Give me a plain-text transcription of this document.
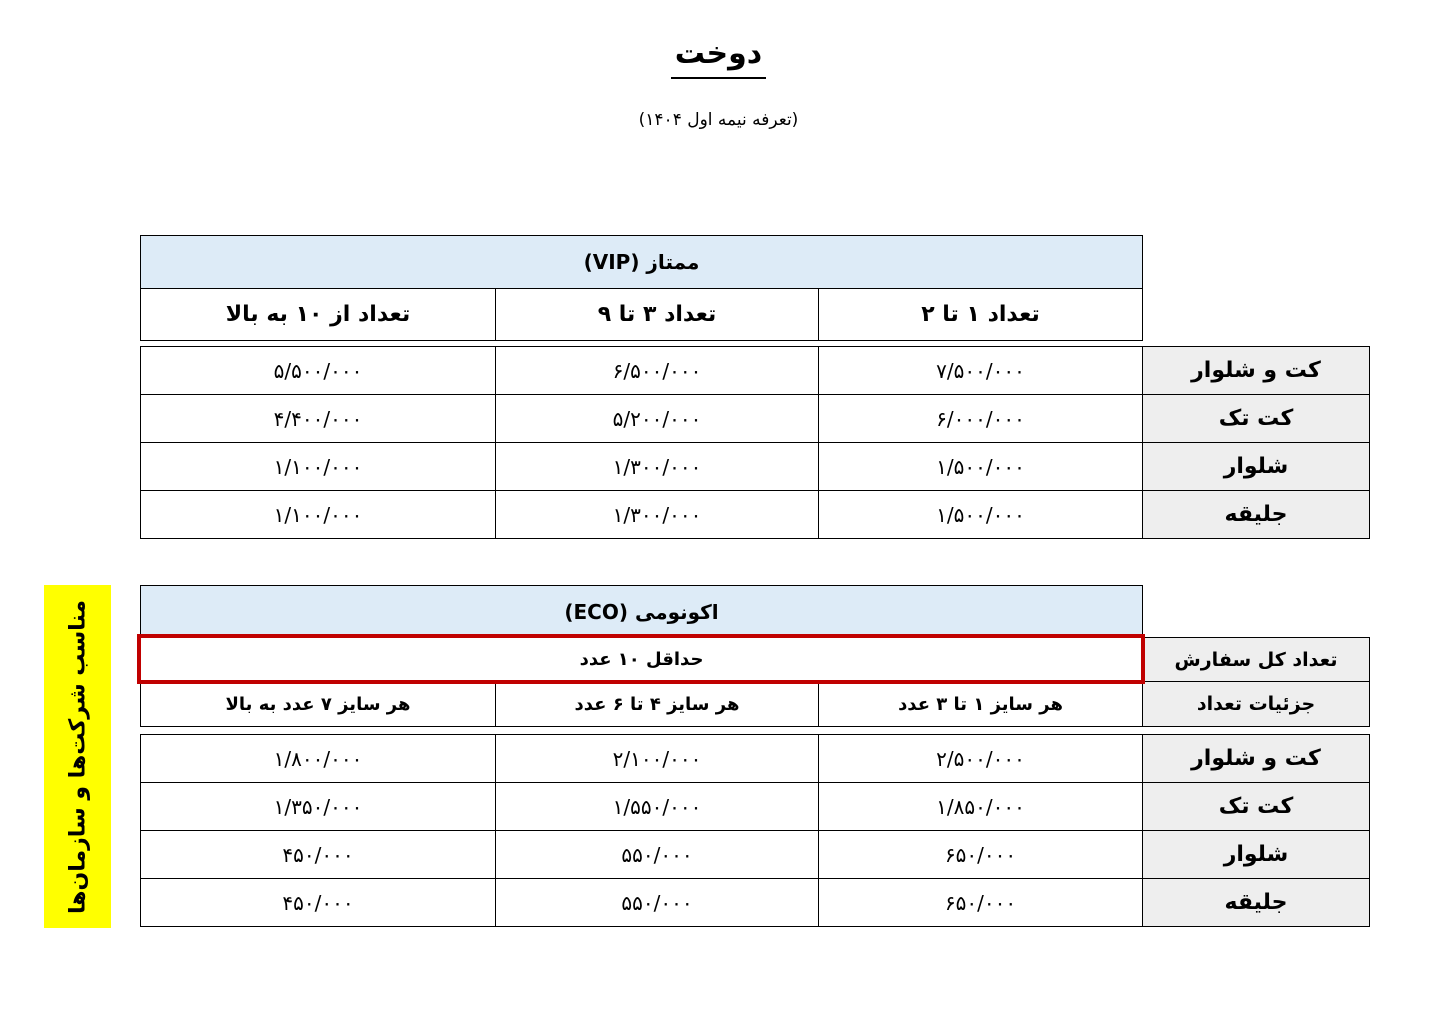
دوخت
(تعرفه نیمه اول ۱۴۰۴)
ممتاز (VIP)
تعداد از ۱۰ به بالا	تعداد ۳ تا ۹	تعداد ۱ تا ۲
۵/۵۰۰/۰۰۰	۶/۵۰۰/۰۰۰	۷/۵۰۰/۰۰۰	کت و شلوار
۴/۴۰۰/۰۰۰	۵/۲۰۰/۰۰۰	۶/۰۰۰/۰۰۰	کت تک
۱/۱۰۰/۰۰۰	۱/۳۰۰/۰۰۰	۱/۵۰۰/۰۰۰	شلوار
۱/۱۰۰/۰۰۰	۱/۳۰۰/۰۰۰	۱/۵۰۰/۰۰۰	جلیقه
مناسب شرکت‌ها و سازمان‌ها	اکونومی (ECO)			
حداقل ۱۰ عدد			تعداد کل سفارش
هر سایز ۷ عدد به بالا	هر سایز ۴ تا ۶ عدد	هر سایز ۱ تا ۳ عدد	جزئیات تعداد
۱/۸۰۰/۰۰۰	۲/۱۰۰/۰۰۰	۲/۵۰۰/۰۰۰	کت و شلوار
۱/۳۵۰/۰۰۰	۱/۵۵۰/۰۰۰	۱/۸۵۰/۰۰۰	کت تک
۴۵۰/۰۰۰	۵۵۰/۰۰۰	۶۵۰/۰۰۰	شلوار
۴۵۰/۰۰۰	۵۵۰/۰۰۰	۶۵۰/۰۰۰	جلیقه
